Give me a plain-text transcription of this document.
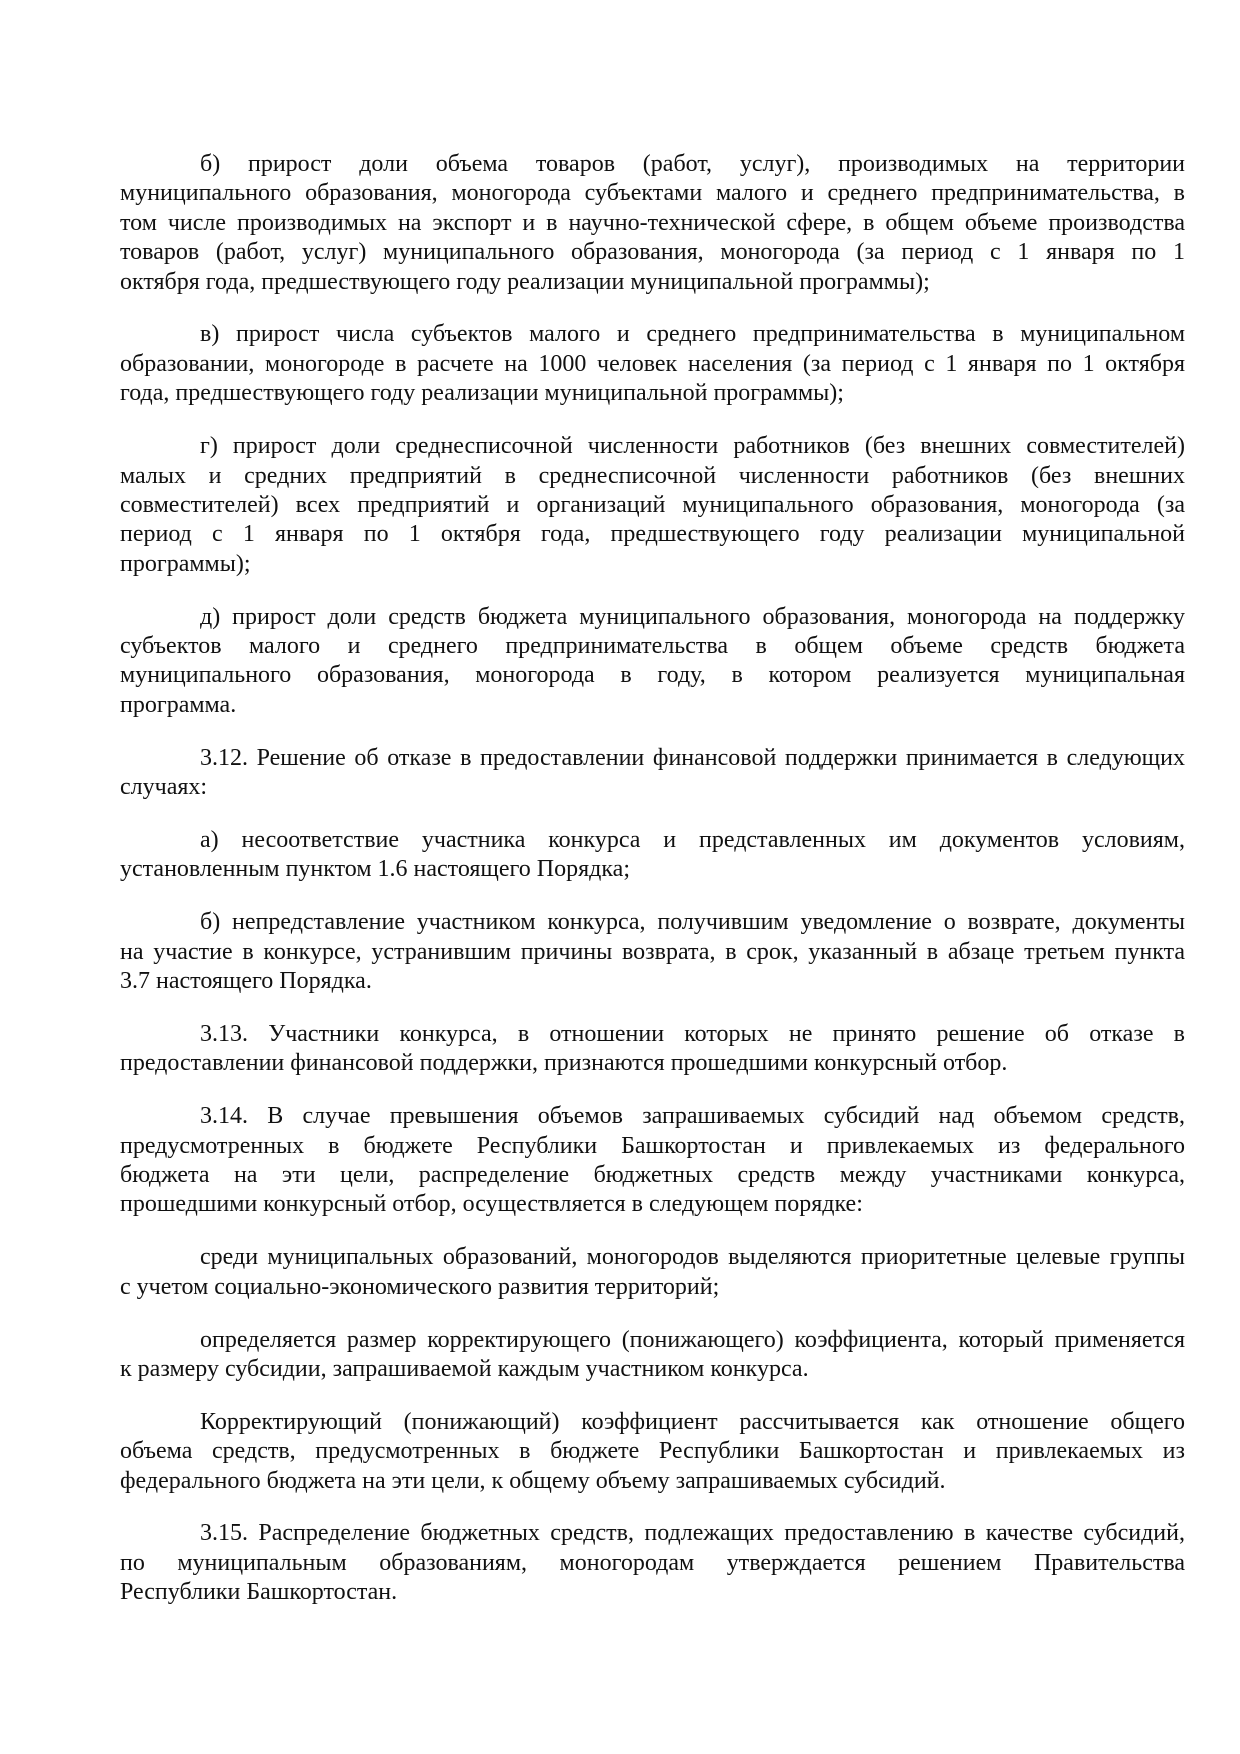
б) прирост доли объема товаров (работ, услуг), производимых на территории
муниципального образования, моногорода субъектами малого и среднего предпринимательства, в
том числе производимых на экспорт и в научно-технической сфере, в общем объеме производства
товаров (работ, услуг) муниципального образования, моногорода (за период с 1 января по 1
октября года, предшествующего году реализации муниципальной программы);
в) прирост числа субъектов малого и среднего предпринимательства в муниципальном
образовании, моногороде в расчете на 1000 человек населения (за период с 1 января по 1 октября
года, предшествующего году реализации муниципальной программы);
г) прирост доли среднесписочной численности работников (без внешних совместителей)
малых и средних предприятий в среднесписочной численности работников (без внешних
совместителей) всех предприятий и организаций муниципального образования, моногорода (за
период с 1 января по 1 октября года, предшествующего году реализации муниципальной
программы);
д) прирост доли средств бюджета муниципального образования, моногорода на поддержку
субъектов малого и среднего предпринимательства в общем объеме средств бюджета
муниципального образования, моногорода в году, в котором реализуется муниципальная
программа.
3.12. Решение об отказе в предоставлении финансовой поддержки принимается в следующих
случаях:
а) несоответствие участника конкурса и представленных им документов условиям,
установленным пунктом 1.6 настоящего Порядка;
б) непредставление участником конкурса, получившим уведомление о возврате, документы
на участие в конкурсе, устранившим причины возврата, в срок, указанный в абзаце третьем пункта
3.7 настоящего Порядка.
3.13. Участники конкурса, в отношении которых не принято решение об отказе в
предоставлении финансовой поддержки, признаются прошедшими конкурсный отбор.
3.14. В случае превышения объемов запрашиваемых субсидий над объемом средств,
предусмотренных в бюджете Республики Башкортостан и привлекаемых из федерального
бюджета на эти цели, распределение бюджетных средств между участниками конкурса,
прошедшими конкурсный отбор, осуществляется в следующем порядке:
среди муниципальных образований, моногородов выделяются приоритетные целевые группы
с учетом социально-экономического развития территорий;
определяется размер корректирующего (понижающего) коэффициента, который применяется
к размеру субсидии, запрашиваемой каждым участником конкурса.
Корректирующий (понижающий) коэффициент рассчитывается как отношение общего
объема средств, предусмотренных в бюджете Республики Башкортостан и привлекаемых из
федерального бюджета на эти цели, к общему объему запрашиваемых субсидий.
3.15. Распределение бюджетных средств, подлежащих предоставлению в качестве субсидий,
по муниципальным образованиям, моногородам утверждается решением Правительства
Республики Башкортостан.
